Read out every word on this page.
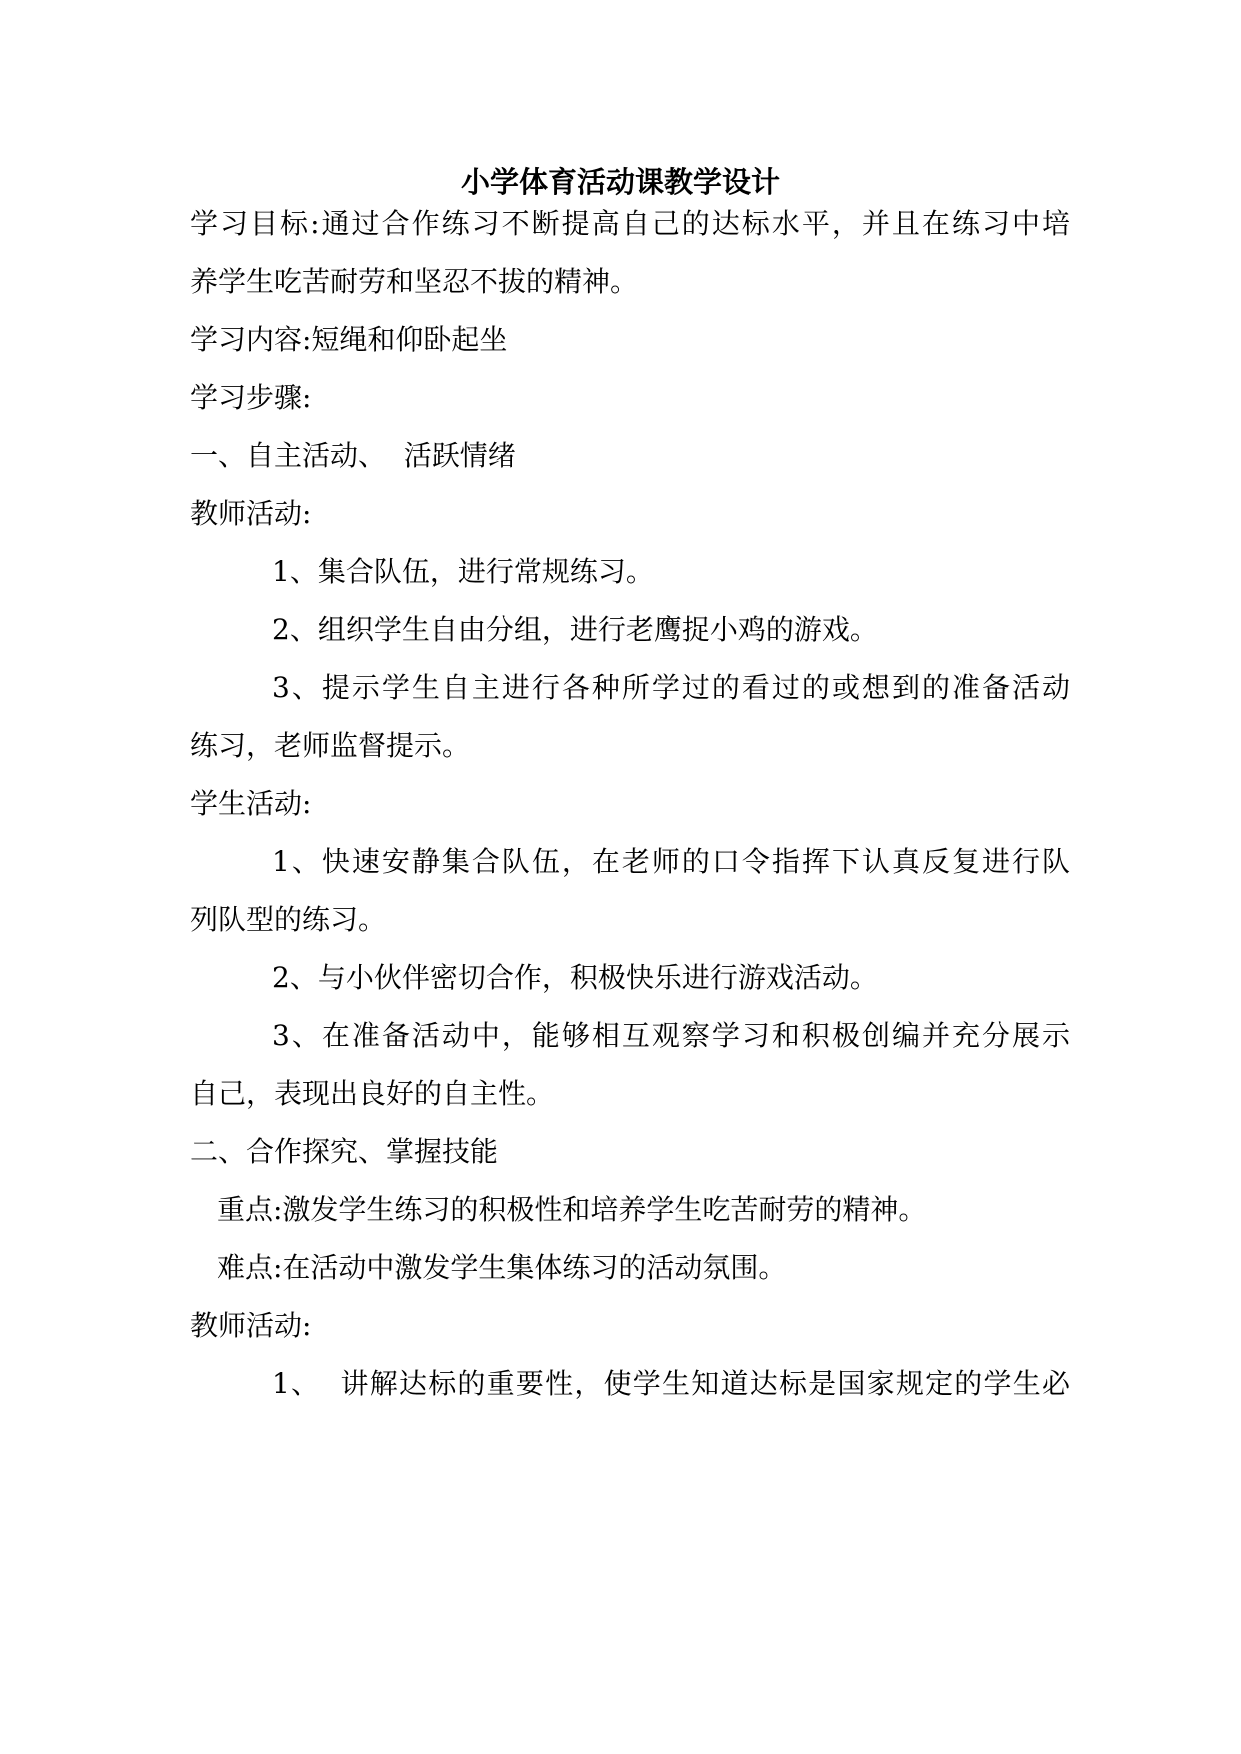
小学体育活动课教学设计

学习目标:通过合作练习不断提高自己的达标水平，并且在练习中培

养学生吃苦耐劳和坚忍不拔的精神。

学习内容:短绳和仰卧起坐

学习步骤:

一、自主活动、  活跃情绪

教师活动:

1、集合队伍，进行常规练习。

2、组织学生自由分组，进行老鹰捉小鸡的游戏。

3、提示学生自主进行各种所学过的看过的或想到的准备活动

练习，老师监督提示。

学生活动:

1、快速安静集合队伍，在老师的口令指挥下认真反复进行队

列队型的练习。

2、与小伙伴密切合作，积极快乐进行游戏活动。

3、在准备活动中，能够相互观察学习和积极创编并充分展示

自己，表现出良好的自主性。

二、合作探究、掌握技能

重点:激发学生练习的积极性和培养学生吃苦耐劳的精神。

难点:在活动中激发学生集体练习的活动氛围。

教师活动:

1、  讲解达标的重要性，使学生知道达标是国家规定的学生必
